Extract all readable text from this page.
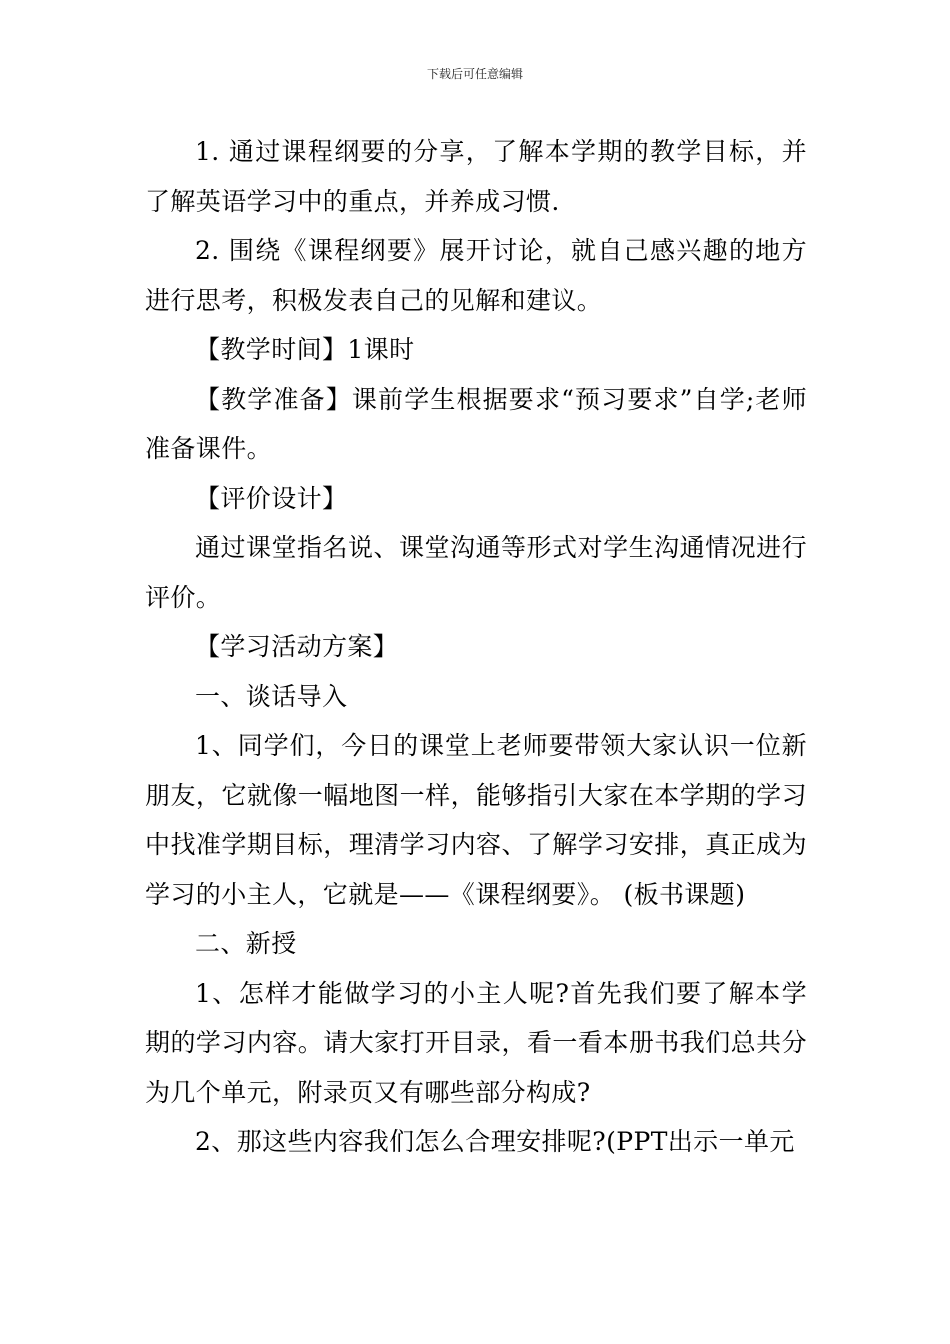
下载后可任意编辑

1. 通过课程纲要的分享，了解本学期的教学目标，并了解英语学习中的重点，并养成习惯.

2. 围绕《课程纲要》展开讨论，就自己感兴趣的地方进行思考，积极发表自己的见解和建议。

【教学时间】1课时

【教学准备】课前学生根据要求“预习要求”自学;老师准备课件。

【评价设计】

通过课堂指名说、课堂沟通等形式对学生沟通情况进行评价。

【学习活动方案】

一、谈话导入

1、同学们，今日的课堂上老师要带领大家认识一位新朋友，它就像一幅地图一样，能够指引大家在本学期的学习中找准学期目标，理清学习内容、了解学习安排，真正成为学习的小主人，它就是——《课程纲要》。 (板书课题)

二、新授

1、怎样才能做学习的小主人呢?首先我们要了解本学期的学习内容。请大家打开目录，看一看本册书我们总共分为几个单元，附录页又有哪些部分构成?

2、那这些内容我们怎么合理安排呢?(PPT出示一单元
